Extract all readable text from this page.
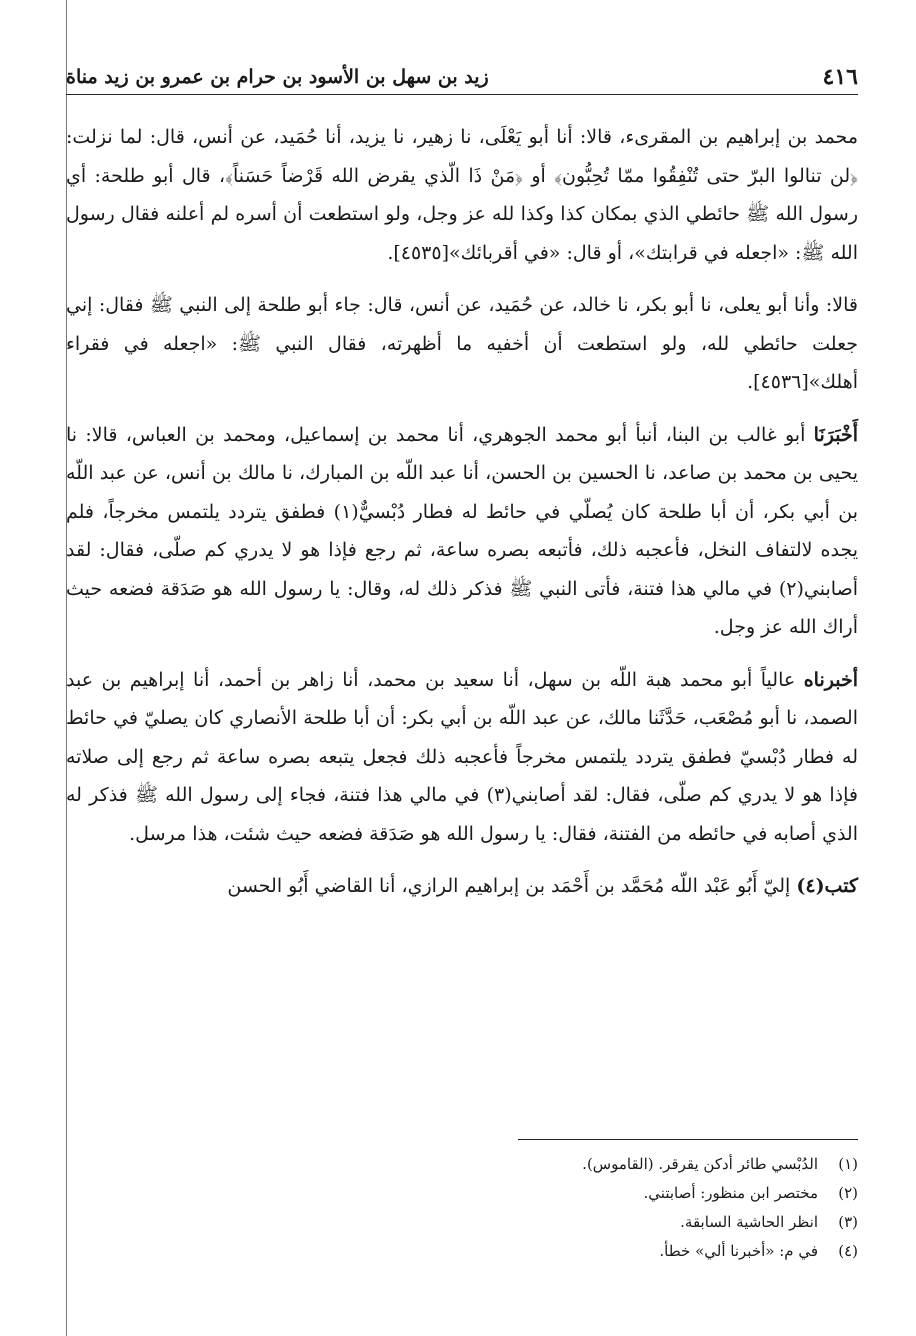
٤١٦
زيد بن سهل بن الأسود بن حرام بن عمرو بن زيد مناة

محمد بن إبراهيم بن المقرىء، قالا: أنا أبو يَعْلَى، نا زهير، نا يزيد، أنا حُمَيد، عن أنس، قال: لما نزلت: ﴿لن تنالوا البرّ حتى تُنْفِقُوا ممّا تُحِبُّون﴾ أو ﴿مَنْ ذَا الّذي يقرض الله قَرْضاً حَسَناً﴾، قال أبو طلحة: أي رسول الله ﷺ حائطي الذي بمكان كذا وكذا لله عز وجل، ولو استطعت أن أسره لم أعلنه فقال رسول الله ﷺ: «اجعله في قرابتك»، أو قال: «في أقربائك»[٤٥٣٥].

قالا: وأنا أبو يعلى، نا أبو بكر، نا خالد، عن حُمَيد، عن أنس، قال: جاء أبو طلحة إلى النبي ﷺ فقال: إني جعلت حائطي لله، ولو استطعت أن أخفيه ما أظهرته، فقال النبي ﷺ: «اجعله في فقراء أهلك»[٤٥٣٦].

أَخْبَرَنَا أبو غالب بن البنا، أنبأ أبو محمد الجوهري، أنا محمد بن إسماعيل، ومحمد بن العباس، قالا: نا يحيى بن محمد بن صاعد، نا الحسين بن الحسن، أنا عبد اللّه بن المبارك، نا مالك بن أنس، عن عبد اللّه بن أبي بكر، أن أبا طلحة كان يُصلّي في حائط له فطار دُبْسيٌّ(١) فطفق يتردد يلتمس مخرجاً، فلم يجده لالتفاف النخل، فأعجبه ذلك، فأتبعه بصره ساعة، ثم رجع فإذا هو لا يدري كم صلّى، فقال: لقد أصابني(٢) في مالي هذا فتنة، فأتى النبي ﷺ فذكر ذلك له، وقال: يا رسول الله هو صَدَقة فضعه حيث أراك الله عز وجل.

أخبرناه عالياً أبو محمد هبة اللّه بن سهل، أنا سعيد بن محمد، أنا زاهر بن أحمد، أنا إبراهيم بن عبد الصمد، نا أبو مُصْعَب، حَدَّثَنا مالك، عن عبد اللّه بن أبي بكر: أن أبا طلحة الأنصاري كان يصليّ في حائط له فطار دُبْسيّ فطفق يتردد يلتمس مخرجاً فأعجبه ذلك فجعل يتبعه بصره ساعة ثم رجع إلى صلاته فإذا هو لا يدري كم صلّى، فقال: لقد أصابني(٣) في مالي هذا فتنة، فجاء إلى رسول الله ﷺ فذكر له الذي أصابه في حائطه من الفتنة، فقال: يا رسول الله هو صَدَقة فضعه حيث شئت، هذا مرسل.

كتب(٤) إليّ أَبُو عَبْد اللّه مُحَمَّد بن أَحْمَد بن إبراهيم الرازي، أنا القاضي أَبُو الحسن

(١)
الدُبْسي طائر أدكن يقرقر. (القاموس).
(٢)
مختصر ابن منظور: أصابتني.
(٣)
انظر الحاشية السابقة.
(٤)
في م: «أخبرنا ألي» خطأ.
